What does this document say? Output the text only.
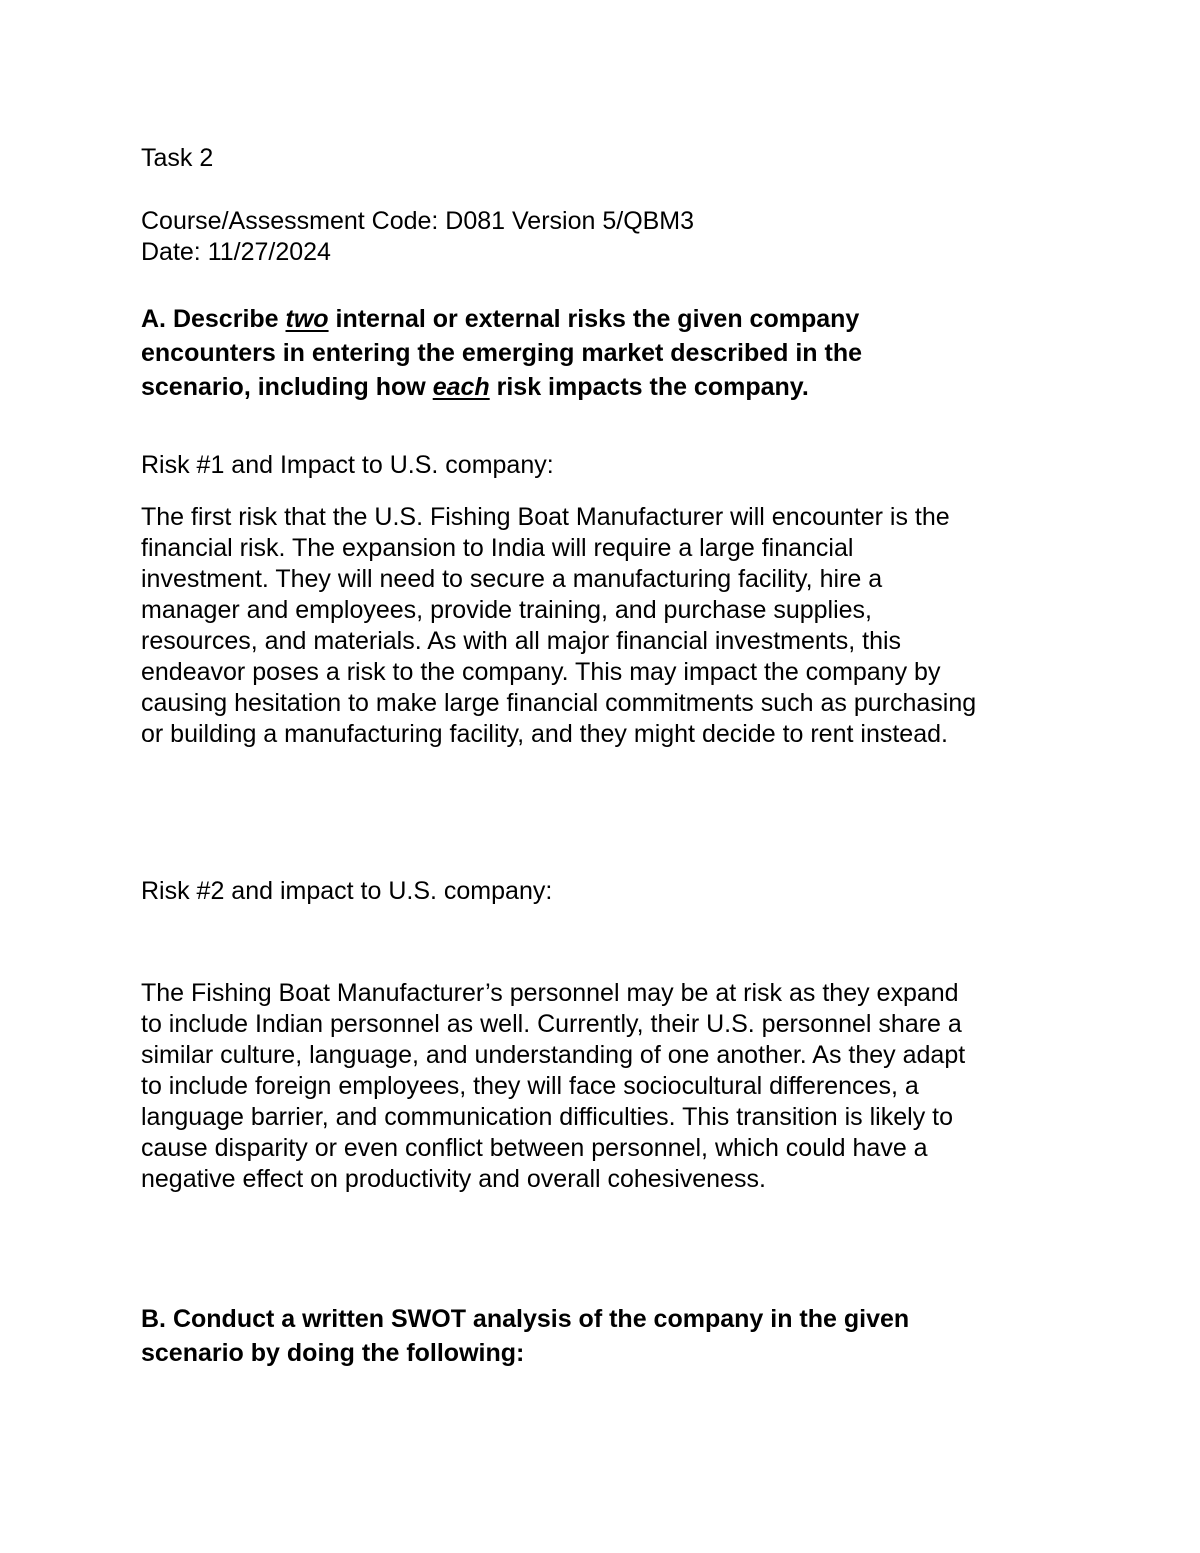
Task 2

Course/Assessment Code: D081 Version 5/QBM3
Date: 11/27/2024

A. Describe two internal or external risks the given company
encounters in entering the emerging market described in the
scenario, including how each risk impacts the company.

Risk #1 and Impact to U.S. company:

The first risk that the U.S. Fishing Boat Manufacturer will encounter is the
financial risk. The expansion to India will require a large financial
investment. They will need to secure a manufacturing facility, hire a
manager and employees, provide training, and purchase supplies,
resources, and materials. As with all major financial investments, this
endeavor poses a risk to the company. This may impact the company by
causing hesitation to make large financial commitments such as purchasing
or building a manufacturing facility, and they might decide to rent instead.

Risk #2 and impact to U.S. company:

The Fishing Boat Manufacturer’s personnel may be at risk as they expand
to include Indian personnel as well. Currently, their U.S. personnel share a
similar culture, language, and understanding of one another. As they adapt
to include foreign employees, they will face sociocultural differences, a
language barrier, and communication difficulties. This transition is likely to
cause disparity or even conflict between personnel, which could have a
negative effect on productivity and overall cohesiveness.

B. Conduct a written SWOT analysis of the company in the given
scenario by doing the following:
